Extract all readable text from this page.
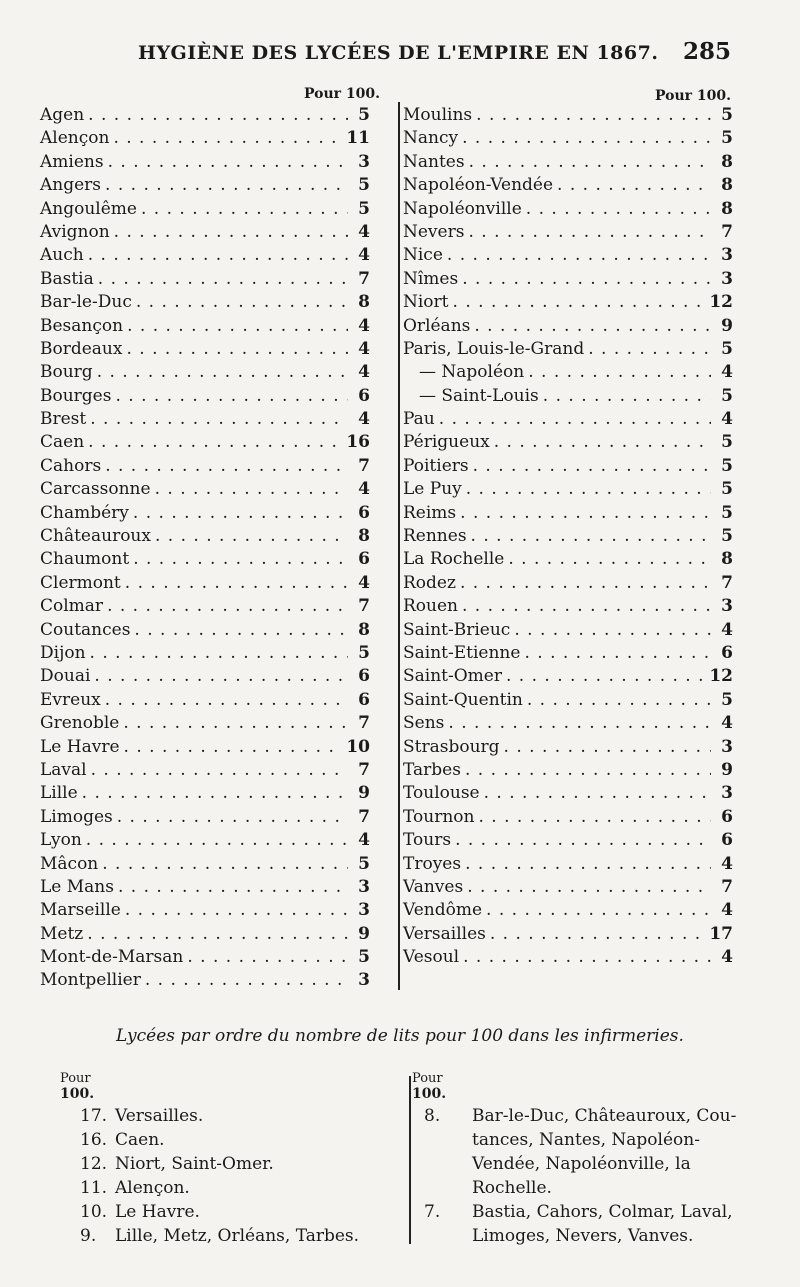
HYGIÈNE DES LYCÉES DE L'EMPIRE EN 1867. 285
Pour 100.	Pour 100.
Agen . . .	5
Alençon . . .	11
Amiens . . .	3
Angers . . .	5
Angoulême . . .	5
Avignon . . .	4
Auch . . .	4
Bastia . . .	7
Bar-le-Duc . . .	8
Besançon . . .	4
Bordeaux . . .	4
Bourg . . .	4
Bourges . . .	6
Brest . . .	4
Caen . . .	16
Cahors . . .	7
Carcassonne . . .	4
Chambéry . . .	6
Châteauroux . . .	8
Chaumont . . .	6
Clermont . . .	4
Colmar . . .	7
Coutances . . .	8
Dijon . . .	5
Douai . . .	6
Evreux . . .	6
Grenoble . . .	7
Le Havre . . .	10
Laval . . .	7
Lille . . .	9
Limoges . . .	7
Lyon . . .	4
Mâcon . . .	5
Le Mans . . .	3
Marseille . . .	3
Metz . . .	9
Mont-de-Marsan . . .	5
Montpellier . . .	3
Moulins . . .	5
Nancy . . .	5
Nantes . . .	8
Napoléon-Vendée . . .	8
Napoléonville . . .	8
Nevers . . .	7
Nice . . .	3
Nîmes . . .	3
Niort . . .	12
Orléans . . .	9
Paris, Louis-le-Grand . . .	5
— Napoléon . . .	4
— Saint-Louis . . .	5
Pau . . .	4
Périgueux . . .	5
Poitiers . . .	5
Le Puy . . .	5
Reims . . .	5
Rennes . . .	5
La Rochelle . . .	8
Rodez . . .	7
Rouen . . .	3
Saint-Brieuc . . .	4
Saint-Etienne . . .	6
Saint-Omer . . .	12
Saint-Quentin . . .	5
Sens . . .	4
Strasbourg . . .	3
Tarbes . . .	9
Toulouse . . .	3
Tournon . . .	6
Tours . . .	6
Troyes . . .	4
Vanves . . .	7
Vendôme . . .	4
Versailles . . .	17
Vesoul . . .	4
Lycées par ordre du nombre de lits pour 100 dans les infirmeries.
Pour
100.
17. Versailles.
16. Caen.
12. Niort, Saint-Omer.
11. Alençon.
10. Le Havre.
9.	Lille, Metz, Orléans, Tarbes.
Pour
100.
8.	Bar-le-Duc, Châteauroux, Cou-
tances, Nantes, Napoléon-
Vendée, Napoléonville, la
Rochelle.
7.	Bastia, Cahors, Colmar, Laval,
Limoges, Nevers, Vanves.
